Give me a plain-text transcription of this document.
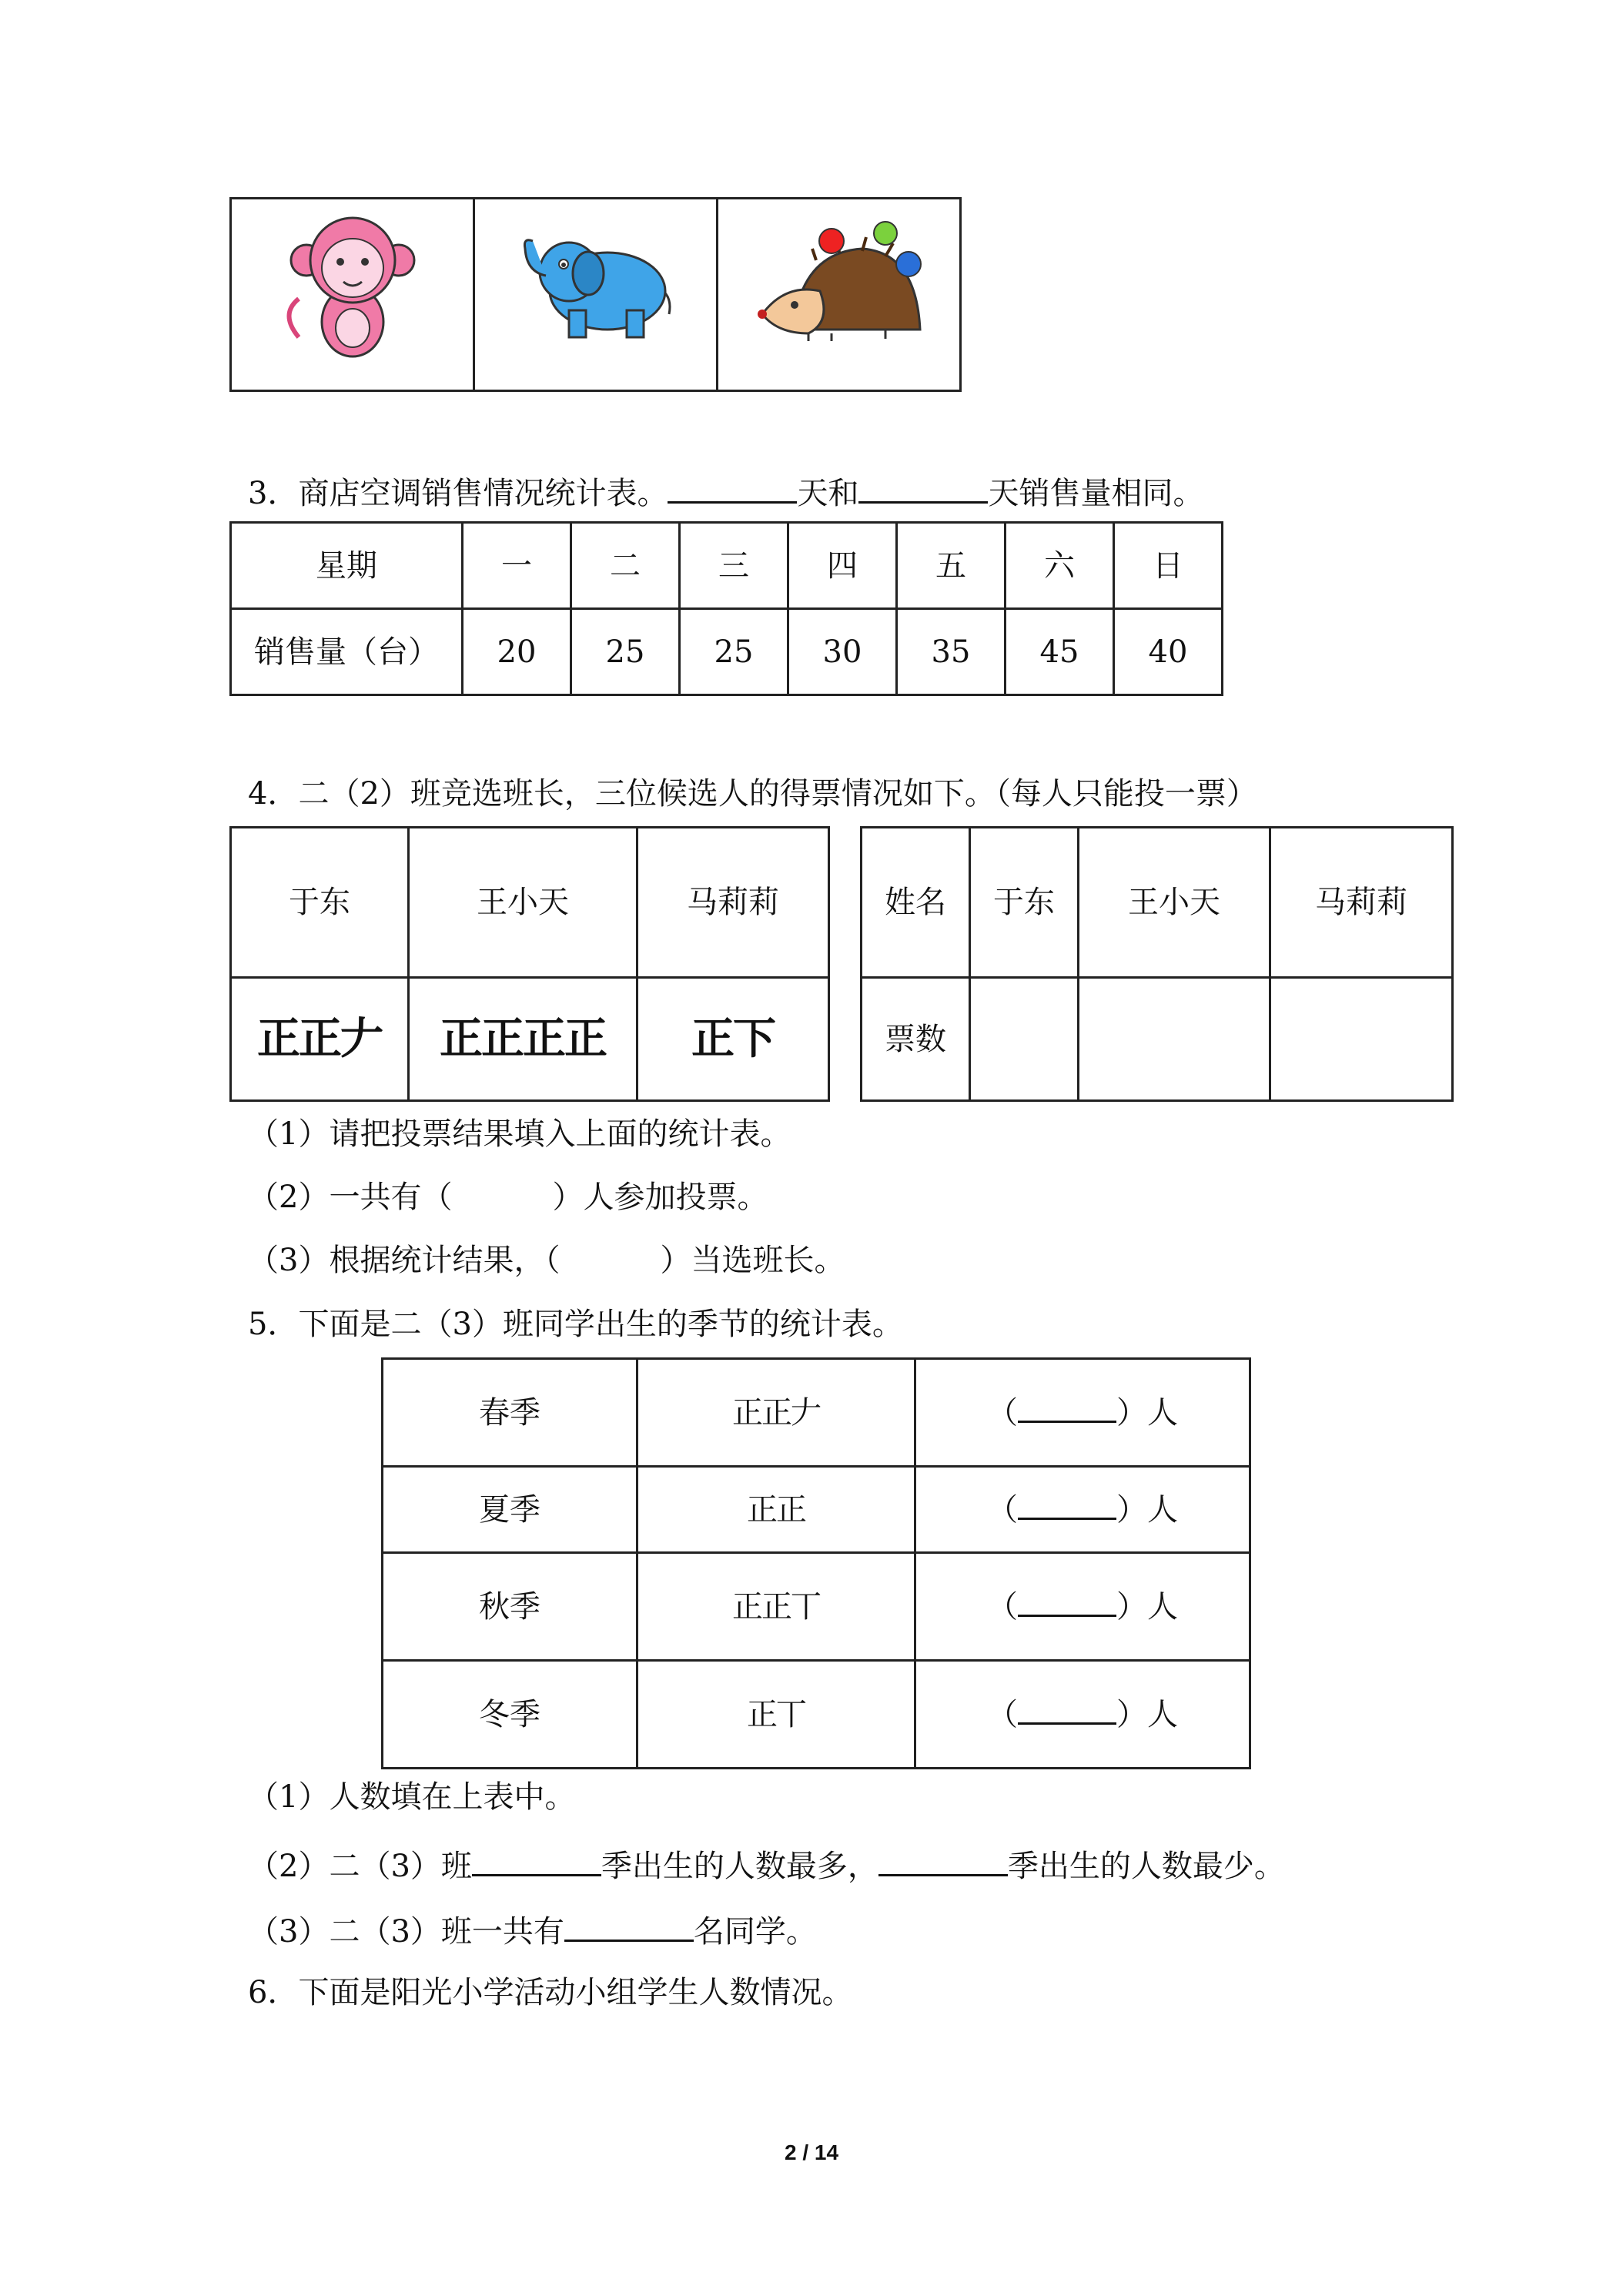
3．商店空调销售情况统计表。	天和	天销售量相同。
星期	一	二	三	四	五	六	日
销售量（台）	20	25	25	30	35	45	40
4．二（2）班竞选班长，三位候选人的得票情况如下。（每人只能投一票）
于东	王小天	马莉莉
正正𠂇	正正正正	正下
姓名	于东	王小天	马莉莉
票数			
（1）请把投票结果填入上面的统计表。
（2）一共有（	）人参加投票。
（3）根据统计结果，（	）当选班长。
5．下面是二（3）班同学出生的季节的统计表。
春季	正正𠂇	（ ）人
夏季	正正	（ ）人
秋季	正正丅	（ ）人
冬季	正丅	（ ）人
（1）人数填在上表中。
（2）二（3）班	季出生的人数最多，	季出生的人数最少。
（3）二（3）班一共有	名同学。
6．下面是阳光小学活动小组学生人数情况。
2 / 14
